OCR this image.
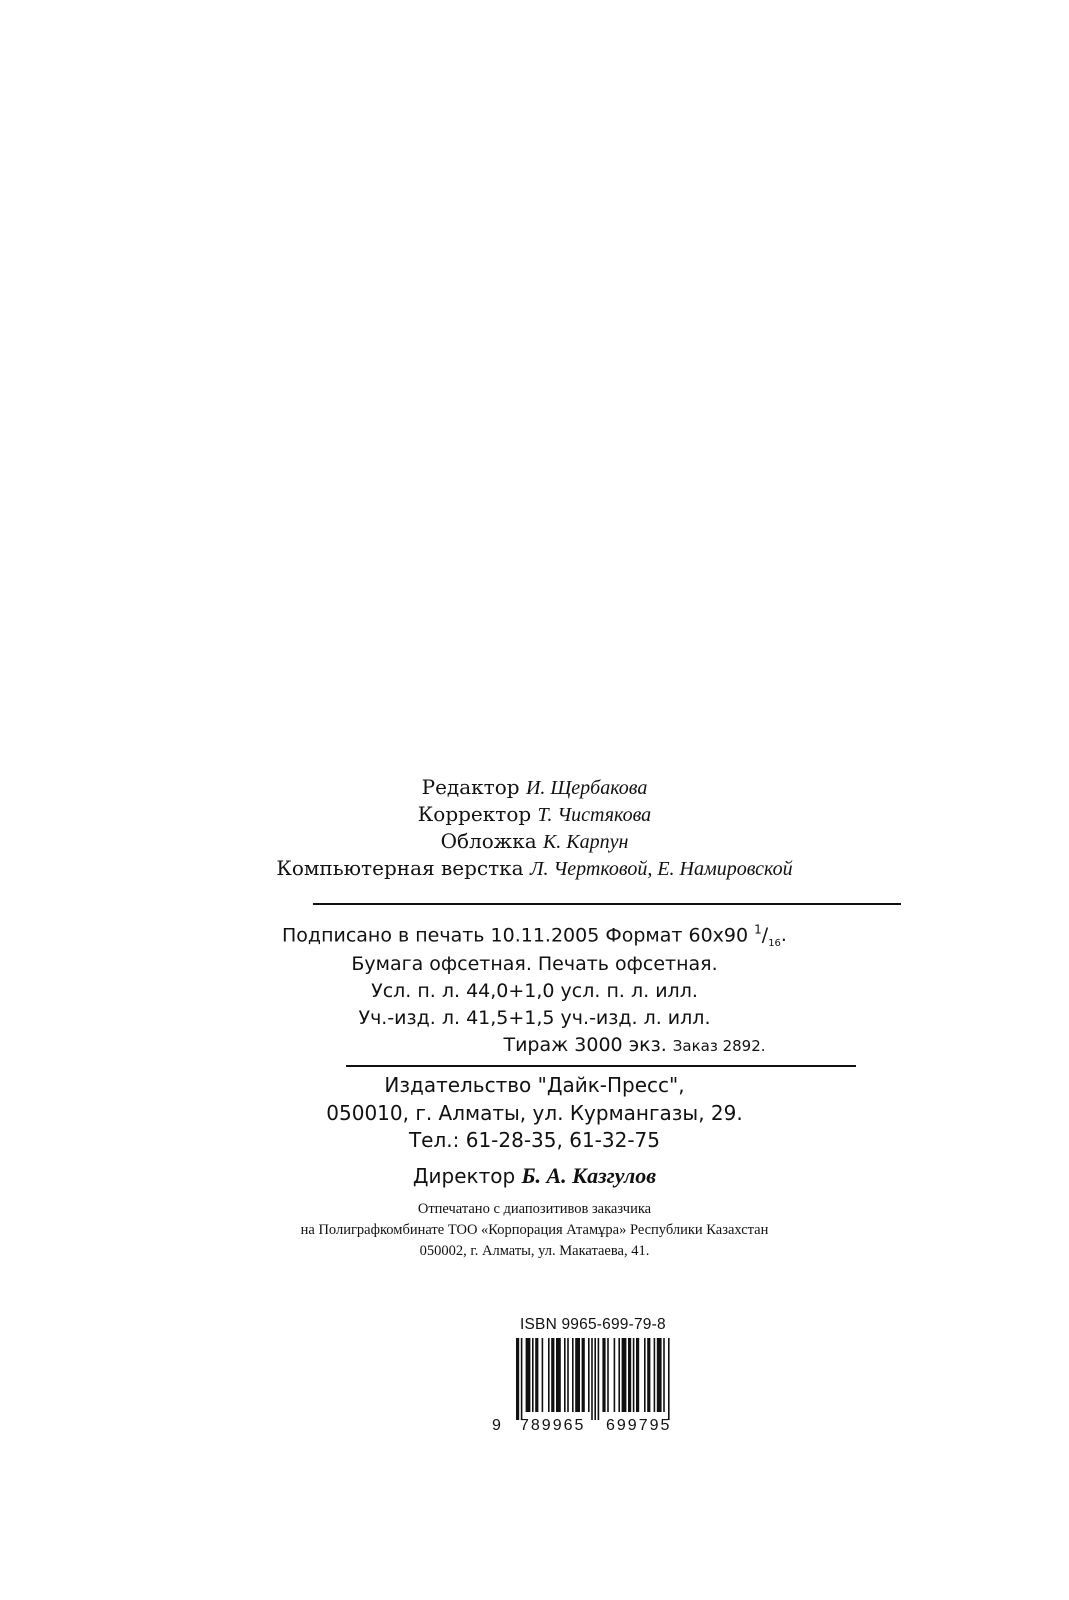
Редактор И. Щербакова
Корректор Т. Чистякова
Обложка К. Карпун
Компьютерная верстка Л. Чертковой, Е. Намировской
Подписано в печать 10.11.2005 Формат 60x90 $^1/_{16}$.
Бумага офсетная. Печать офсетная.
Усл. п. л. 44,0+1,0 усл. п. л. илл.
Уч.-изд. л. 41,5+1,5 уч.-изд. л. илл.
Тираж 3000 экз. Заказ 2892.
Издательство "Дайк-Пресс",
050010, г. Алматы, ул. Курмангазы, 29.
Тел.: 61-28-35, 61-32-75
Директор Б. А. Казгулов
Отпечатано с диапозитивов заказчика
на Полиграфкомбинате ТОО «Корпорация Атамұра» Республики Казахстан
050002, г. Алматы, ул. Макатаева, 41.
ISBN 9965-699-79-8
9 789965 699795
